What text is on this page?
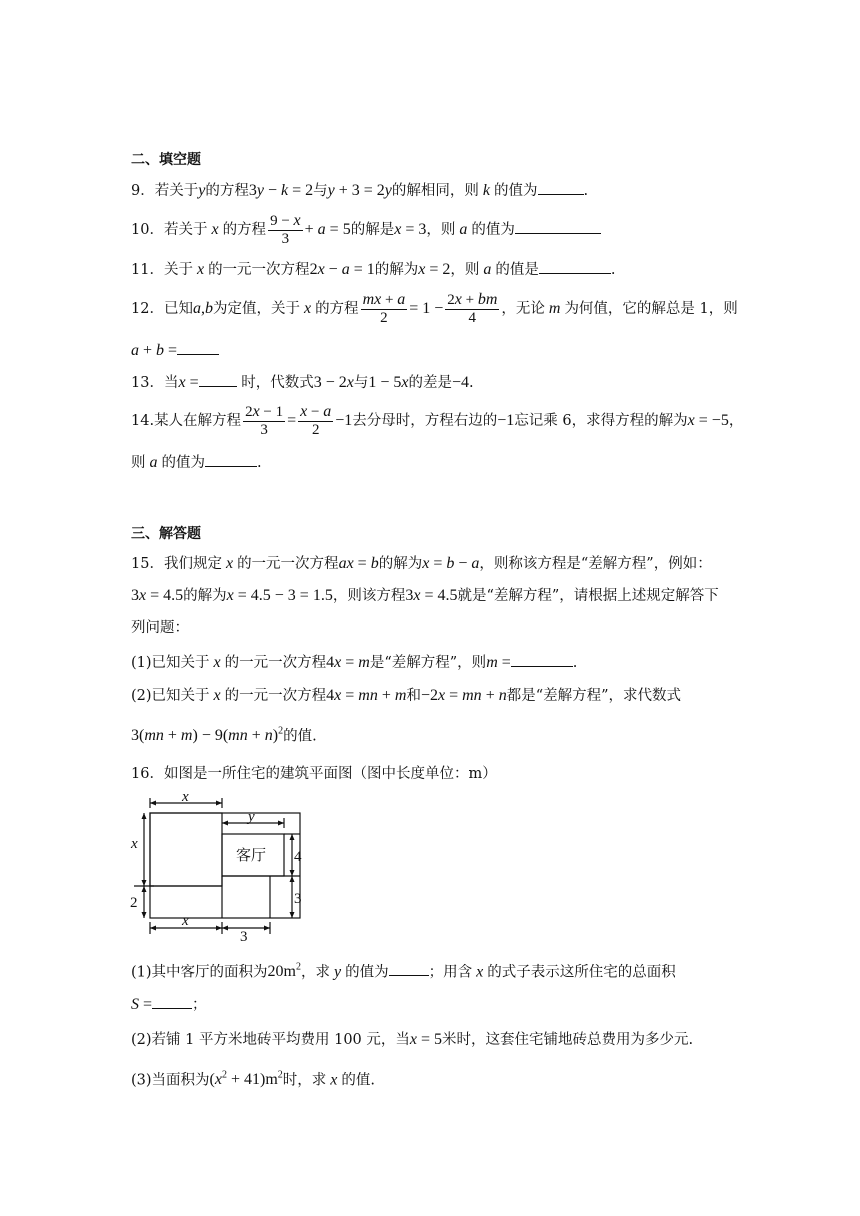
二、填空题
9．若关于y的方程3y − k = 2与y + 3 = 2y的解相同，则 k 的值为	.
10．若关于 x 的方程 $\frac{9 - x}{3} + a = 5$的解是x = 3，则 a 的值为
11．关于 x 的一元一次方程2x − a = 1的解为x = 2，则 a 的值是	.
12．已知a,b为定值，关于 x 的方程 $\frac{mx + a}{2} = 1 - \frac{2x + bm}{4}$ ，无论 m 为何值，它的解总是 1，则
a + b =
13．当x =	时，代数式3 − 2x与1 − 5x的差是−4.
14.某人在解方程 $\frac{2x - 1}{3} = \frac{x - a}{2} -1$去分母时，方程右边的−1忘记乘 6，求得方程的解为x = −5，
则 a 的值为	.
三、解答题
15．我们规定 x 的一元一次方程ax = b的解为x = b − a，则称该方程是“差解方程”，例如：
3x = 4.5的解为x = 4.5 − 3 = 1.5，则该方程3x = 4.5就是“差解方程”，请根据上述规定解答下
列问题：
(1)已知关于 x 的一元一次方程4x = m是“差解方程”，则m =	.
(2)已知关于 x 的一元一次方程4x = mn + m和−2x = mn + n都是“差解方程”，求代数式
3(mn + m) − 9(mn + n)$^2$的值.
16．如图是一所住宅的建筑平面图（图中长度单位：m）
x
y
x
客厅 4
2	3
x
3
(1)其中客厅的面积为$20m^2$，求 y 的值为	；用含 x 的式子表示这所住宅的总面积
S =	；
(2)若铺 1 平方米地砖平均费用 100 元，当x = 5米时，这套住宅铺地砖总费用为多少元.
(3)当面积为$(x^2 + 41)m^2$时，求 x 的值.
